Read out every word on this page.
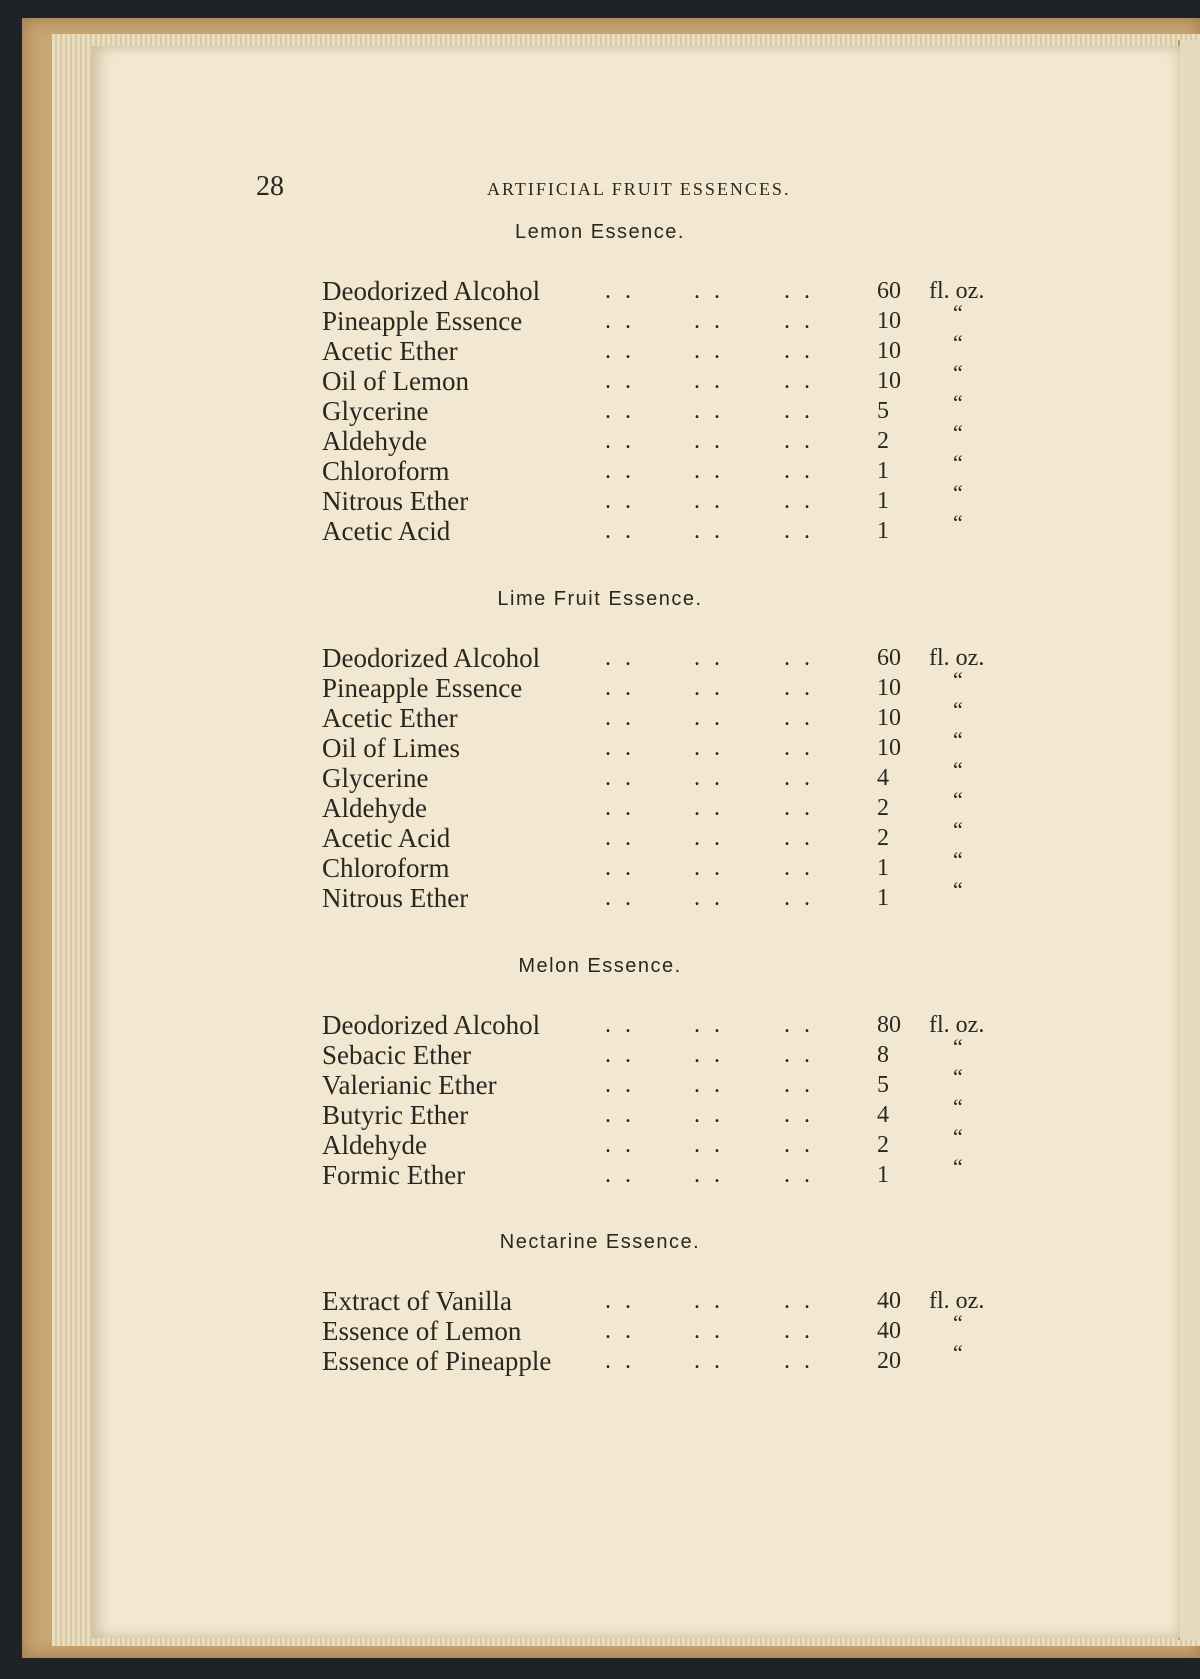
28	ARTIFICIAL FRUIT ESSENCES.
Lemon Essence.
Deodorized Alcohol	. . . .	. .	60 fl. oz.
Pineapple Essence	. . . .	. .	10 “
Acetic Ether	. . . .	. .	10 “
Oil of Lemon	. . . .	. .	10 “
Glycerine	. . . .	. .	5	“
Aldehyde	. . . .	. .	2	“
Chloroform	. . . .	. .	1	“
Nitrous Ether	. . . .	. .	1	“
Acetic Acid	. . . .	. .	1	“
Lime Fruit Essence.
Deodorized Alcohol	. . . .	. .	60 fl. oz.
Pineapple Essence	. . . .	. .	10 “
Acetic Ether	. . . .	. .	10 “
Oil of Limes	. . . .	. .	10 “
Glycerine	. . . .	. .	4	“
Aldehyde	. . . .	. .	2	“
Acetic Acid	. . . .	. .	2	“
Chloroform	. . . .	. .	1	“
Nitrous Ether	. . . .	. .	1	“
Melon Essence.
Deodorized Alcohol	. . . .	. .	80 fl. oz.
Sebacic Ether	. . . .	. .	8	“
Valerianic Ether	. . . .	. .	5	“
Butyric Ether	. . . .	. .	4	“
Aldehyde	. . . .	. .	2	“
Formic Ether	. . . .	. .	1	“
Nectarine Essence.
Extract of Vanilla	. . . .	. .	40 fl. oz.
Essence of Lemon	. . . .	. .	40 “
Essence of Pineapple . . . .	. .	20 “
